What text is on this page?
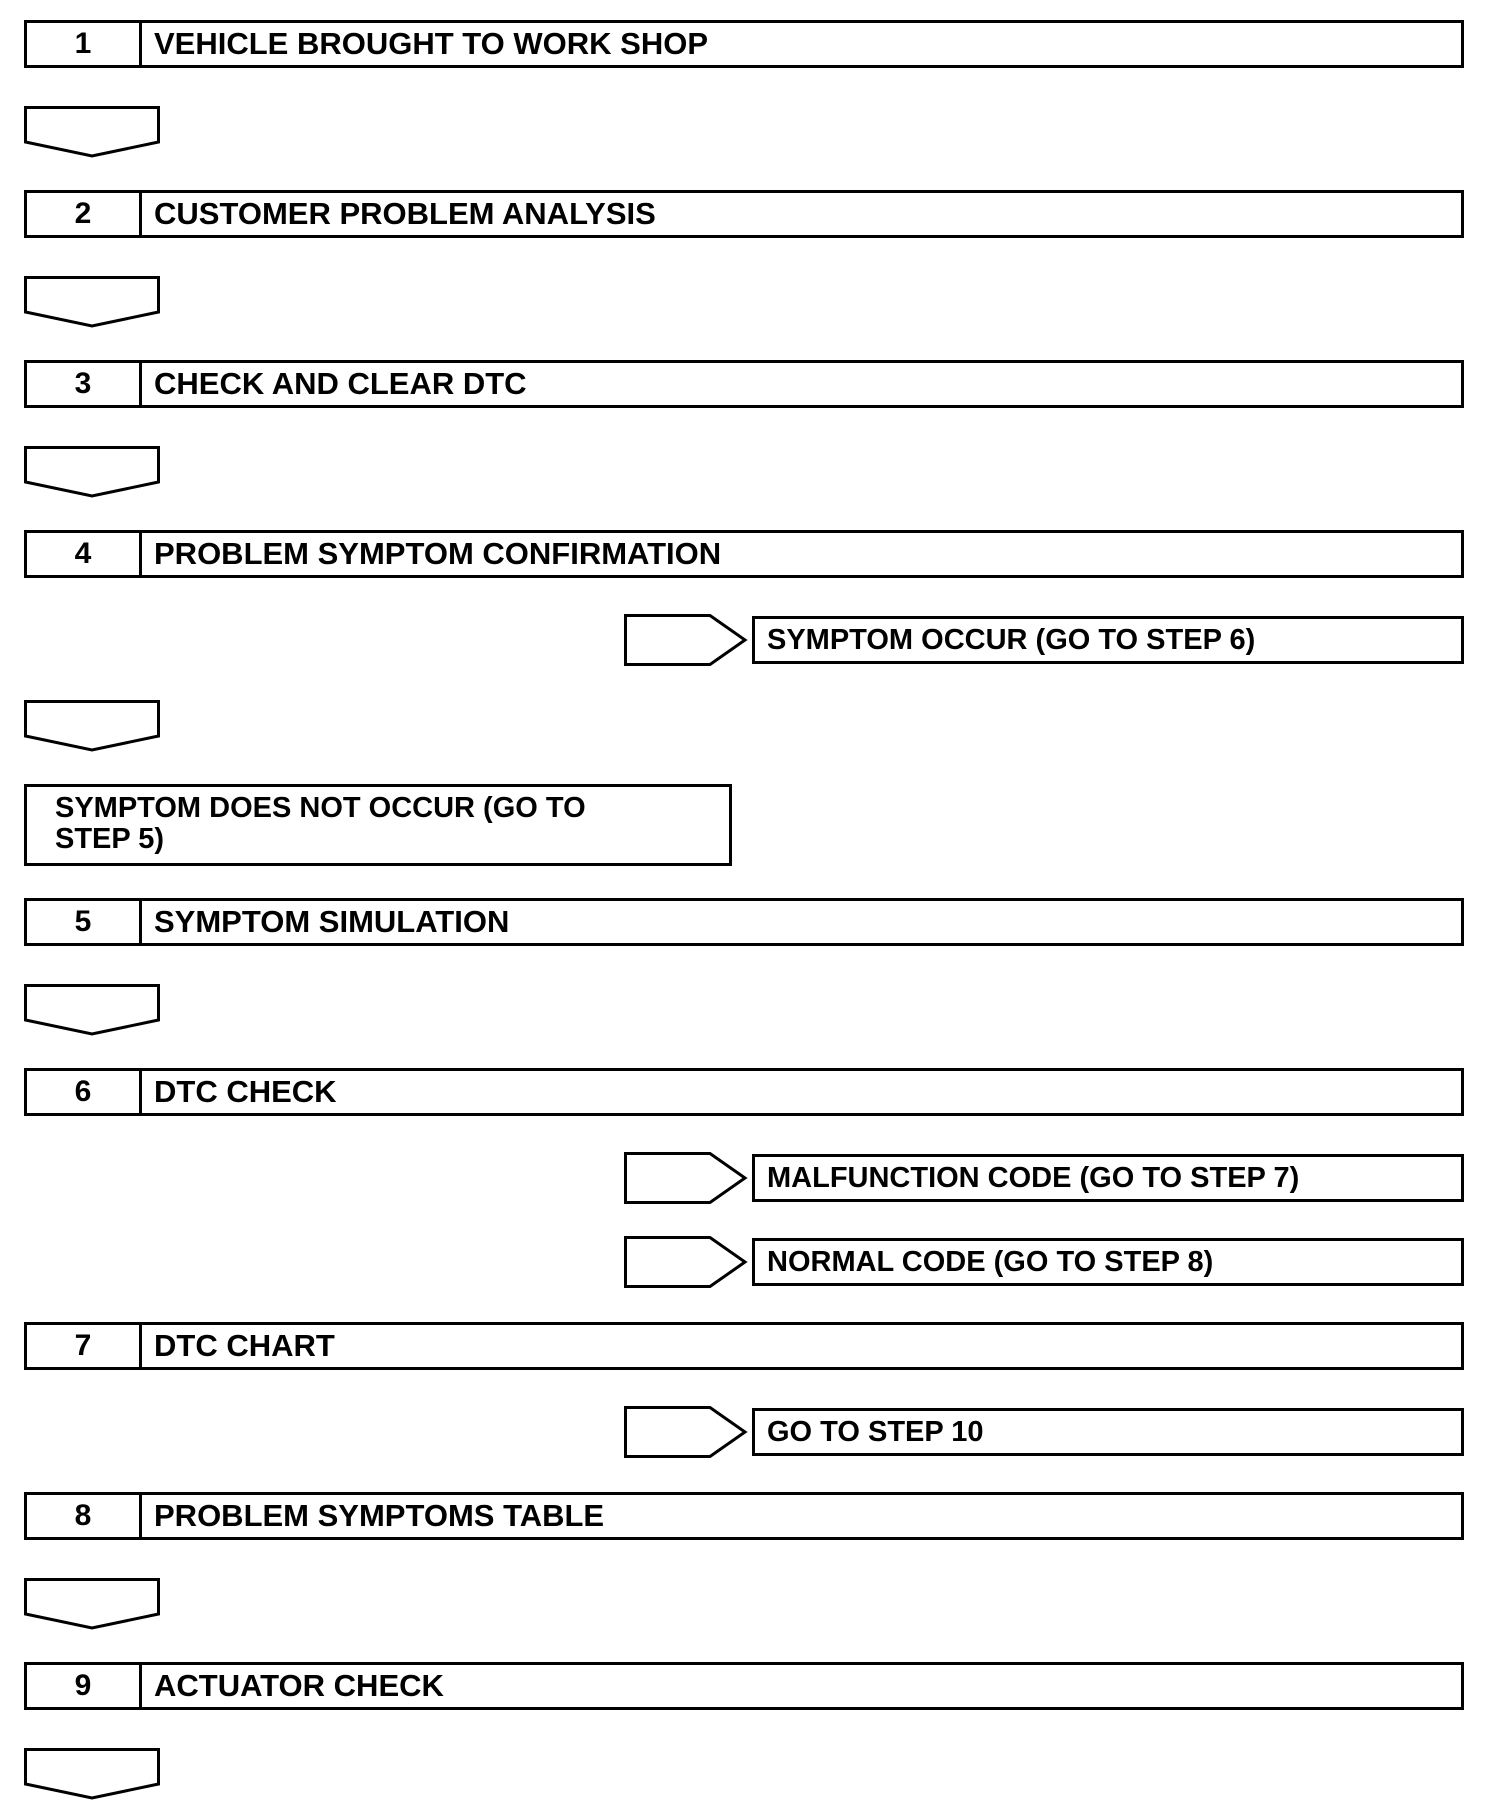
1	VEHICLE BROUGHT TO WORK SHOP
2	CUSTOMER PROBLEM ANALYSIS
3	CHECK AND CLEAR DTC
4	PROBLEM SYMPTOM CONFIRMATION
SYMPTOM OCCUR (GO TO STEP 6)
SYMPTOM DOES NOT OCCUR (GO TO
STEP 5)
5	SYMPTOM SIMULATION
6	DTC CHECK
MALFUNCTION CODE (GO TO STEP 7)
NORMAL CODE (GO TO STEP 8)
7	DTC CHART
GO TO STEP 10
8	PROBLEM SYMPTOMS TABLE
9	ACTUATOR CHECK
